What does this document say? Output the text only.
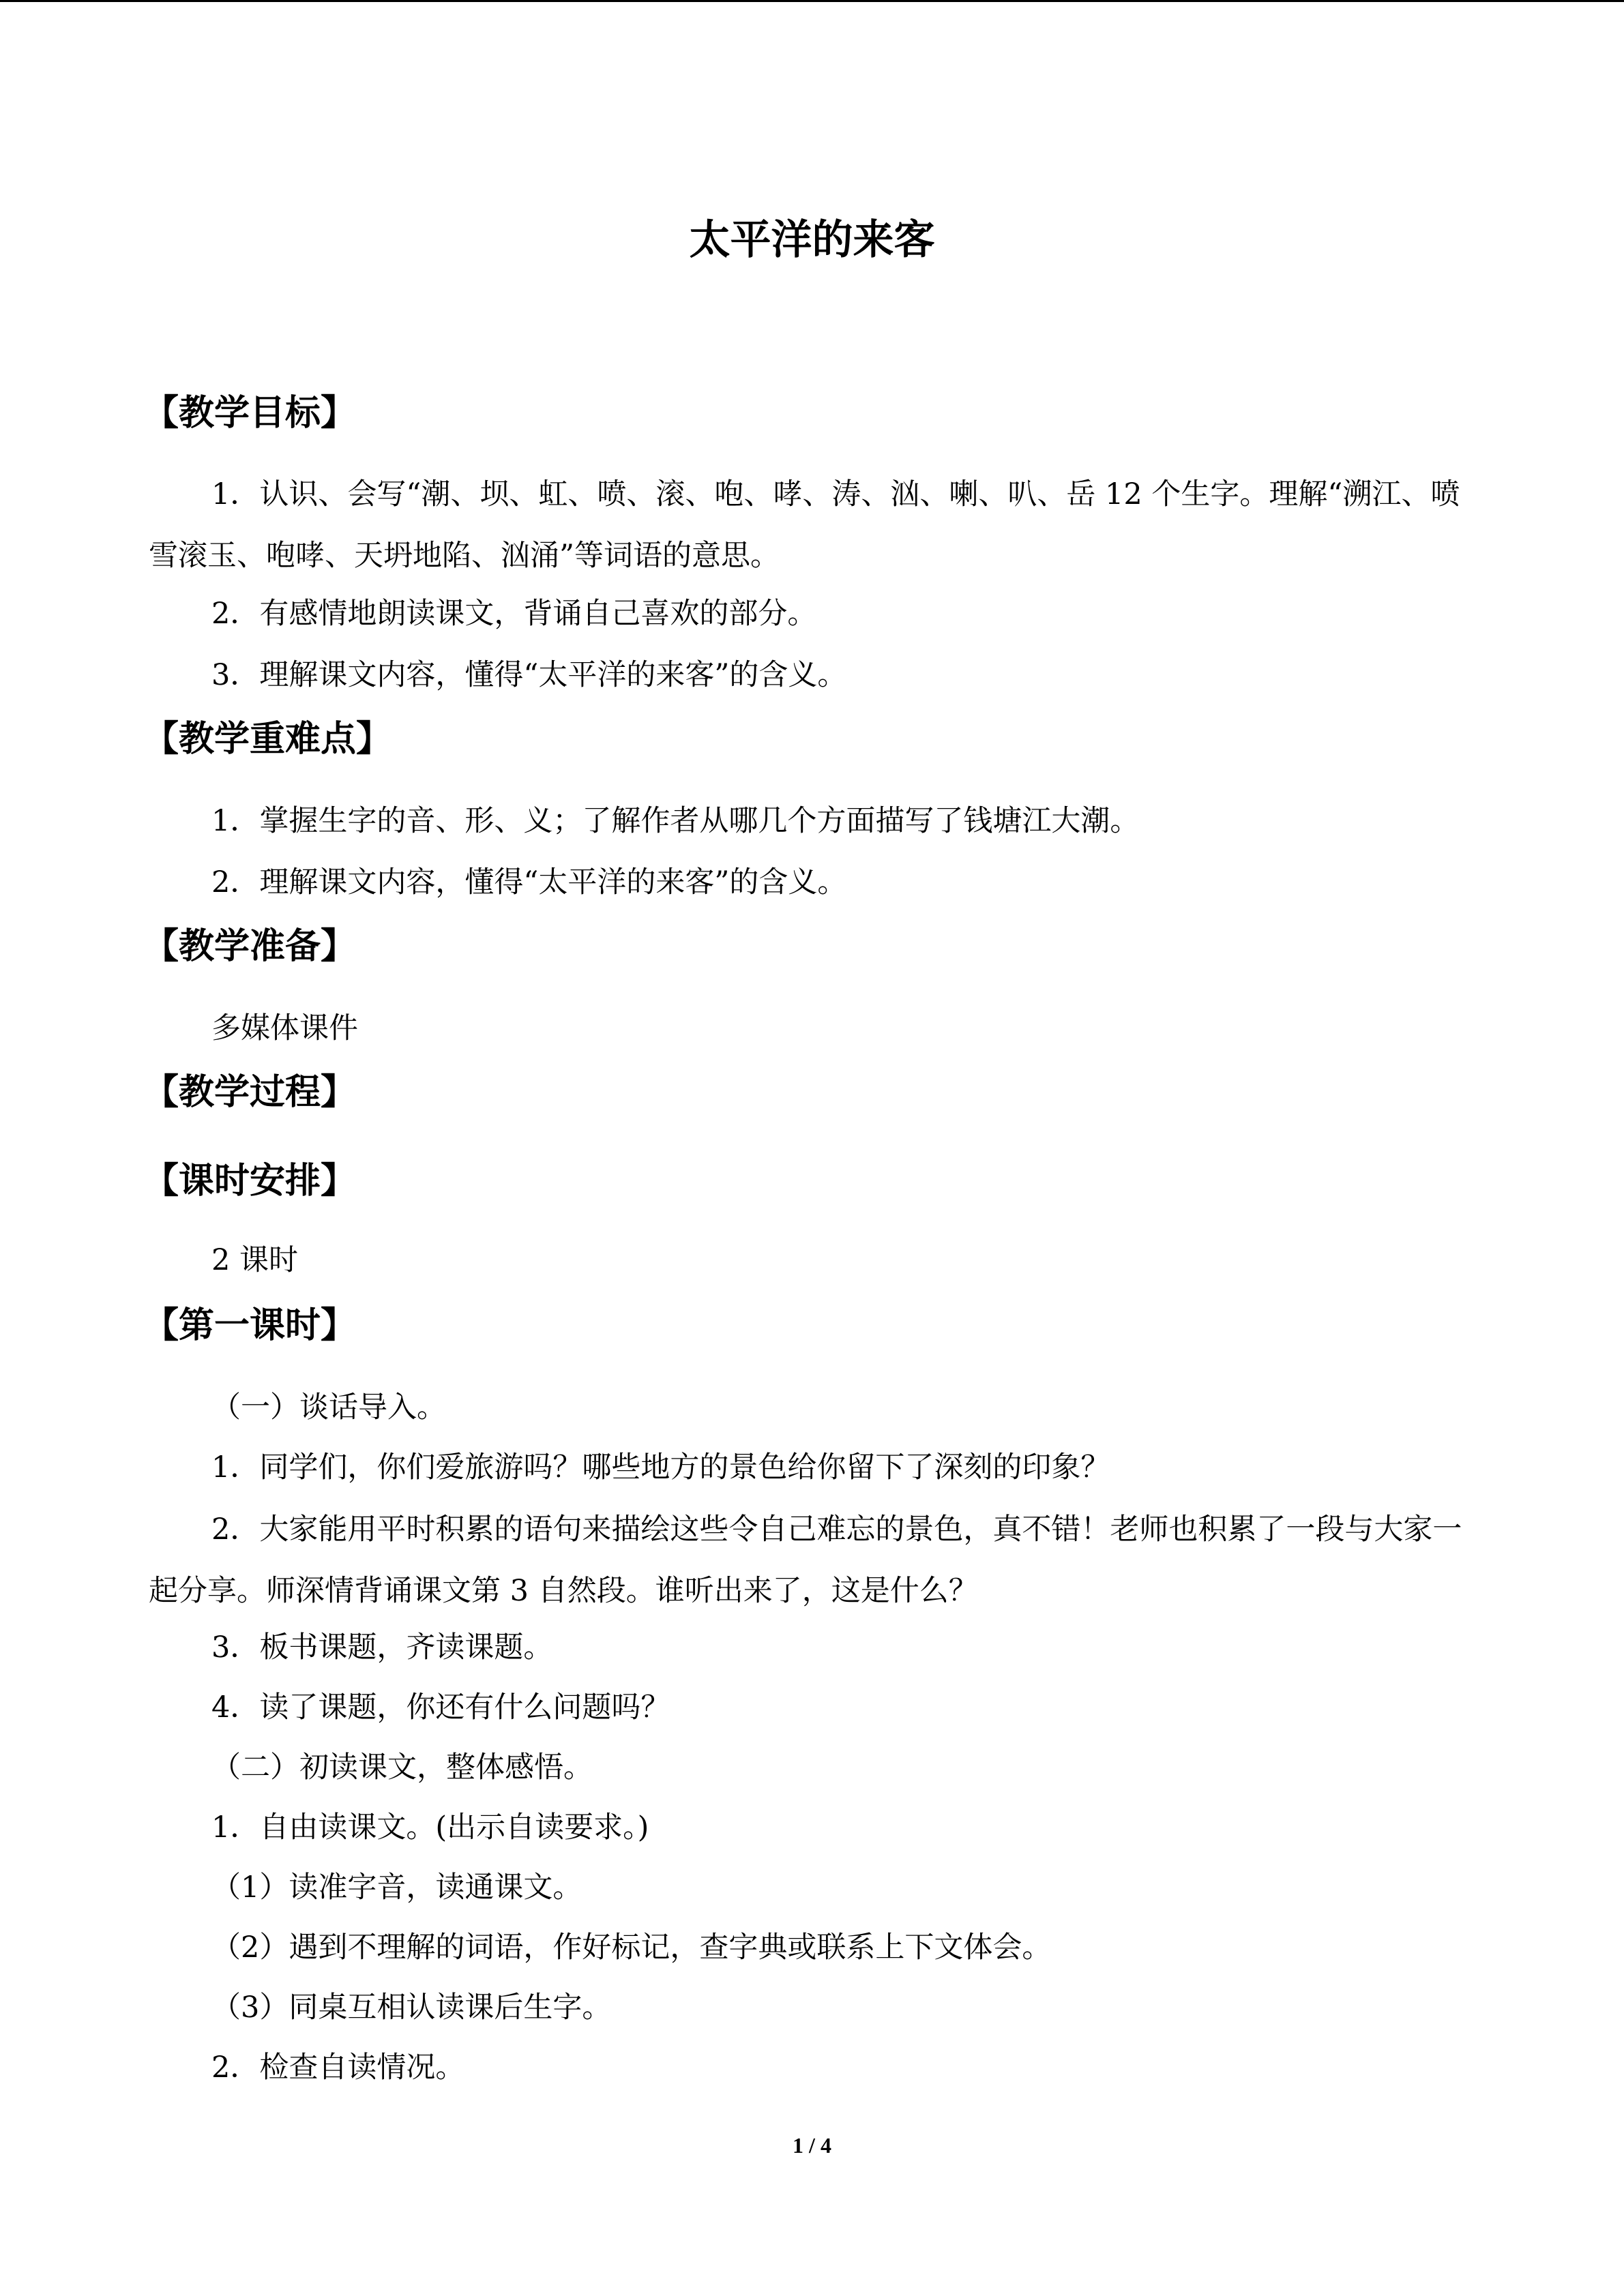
太平洋的来客
【教学目标】
1．认识、会写“潮、坝、虹、喷、滚、咆、哮、涛、汹、喇、叭、岳 12 个生字。理解“溯江、喷雪滚玉、咆哮、天坍地陷、汹涌”等词语的意思。
2．有感情地朗读课文，背诵自己喜欢的部分。
3．理解课文内容，懂得“太平洋的来客”的含义。
【教学重难点】
1．掌握生字的音、形、义；了解作者从哪几个方面描写了钱塘江大潮。
2．理解课文内容，懂得“太平洋的来客”的含义。
【教学准备】
多媒体课件
【教学过程】
【课时安排】
2 课时
【第一课时】
（一）谈话导入。
1．同学们，你们爱旅游吗？哪些地方的景色给你留下了深刻的印象？
2．大家能用平时积累的语句来描绘这些令自己难忘的景色，真不错！老师也积累了一段与大家一起分享。师深情背诵课文第 3 自然段。谁听出来了，这是什么？
3．板书课题，齐读课题。
4．读了课题，你还有什么问题吗？
（二）初读课文，整体感悟。
1．自由读课文。(出示自读要求。)
（1）读准字音，读通课文。
（2）遇到不理解的词语，作好标记，查字典或联系上下文体会。
（3）同桌互相认读课后生字。
2．检查自读情况。
1 / 4
